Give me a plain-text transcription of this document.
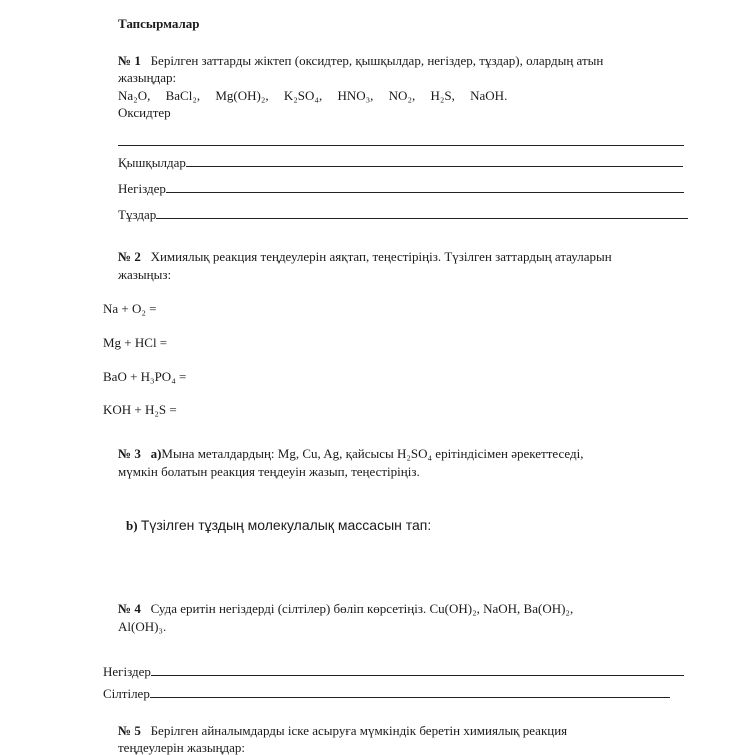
Тапсырмалар
№ 1 Берілген заттарды жіктеп (оксидтер, қышқылдар, негіздер, тұздар), олардың атын
жазыңдар:
Na₂O, BaCl₂, Mg(OH)₂, K₂SO₄, HNO₃, NO₂, H₂S, NaOH.
Оксидтер
Қышқылдар
Негіздер
Тұздар
№ 2 Химиялық реакция теңдеулерін аяқтап, теңестіріңіз. Түзілген заттардың атауларын
жазыңыз:
Na + O₂ =
Mg + HCl =
BaO + H₃PO₄ =
KOH + H₂S =
№ 3 а)Мына металдардың: Mg, Cu, Ag, қайсысы H₂SO₄ ерітіндісімен әрекеттеседі,
мүмкін болатын реакция теңдеуін жазып, теңестіріңіз.
b) Түзілген тұздың молекулалық массасын тап:
№ 4 Суда еритін негіздерді (сілтілер) бөліп көрсетіңіз. Cu(OH)₂, NaOH, Ba(OH)₂,
Al(OH)₃.
Негіздер
Сілтілер
№ 5 Берілген айналымдарды іске асыруға мүмкіндік беретін химиялық реакция
теңдеулерін жазыңдар:
